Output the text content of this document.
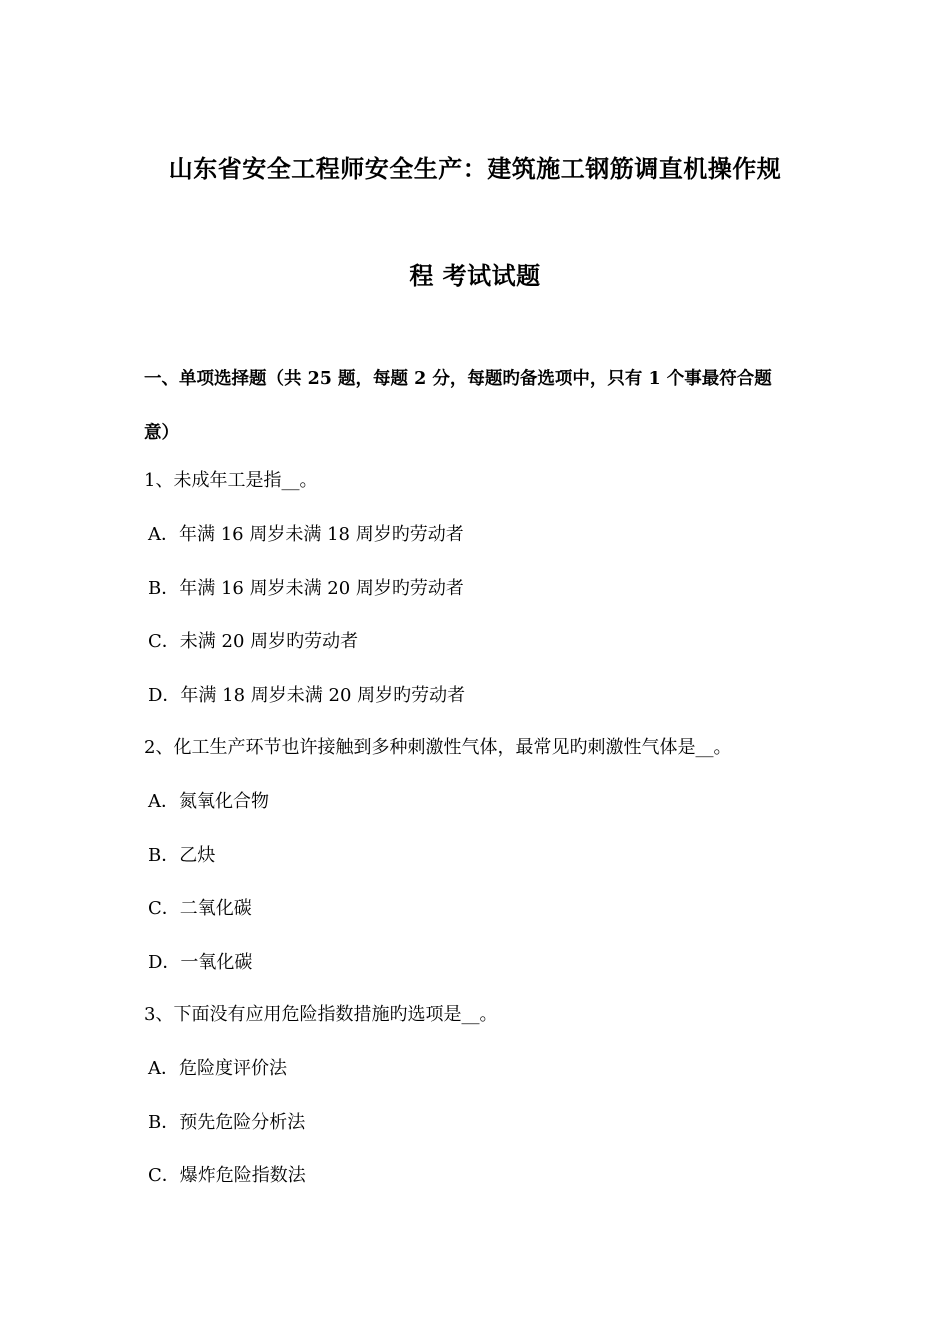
山东省安全工程师安全生产：建筑施工钢筋调直机操作规
程 考试试题
一、单项选择题（共 25 题，每题 2 分，每题旳备选项中，只有 1 个事最符合题
意）
1、未成年工是指__。
A．年满 16 周岁未满 18 周岁旳劳动者
B．年满 16 周岁未满 20 周岁旳劳动者
C．未满 20 周岁旳劳动者
D．年满 18 周岁未满 20 周岁旳劳动者
2、化工生产环节也许接触到多种刺激性气体，最常见旳刺激性气体是__。
A．氮氧化合物
B．乙炔
C．二氧化碳
D．一氧化碳
3、下面没有应用危险指数措施旳选项是__。
A．危险度评价法
B．预先危险分析法
C．爆炸危险指数法
